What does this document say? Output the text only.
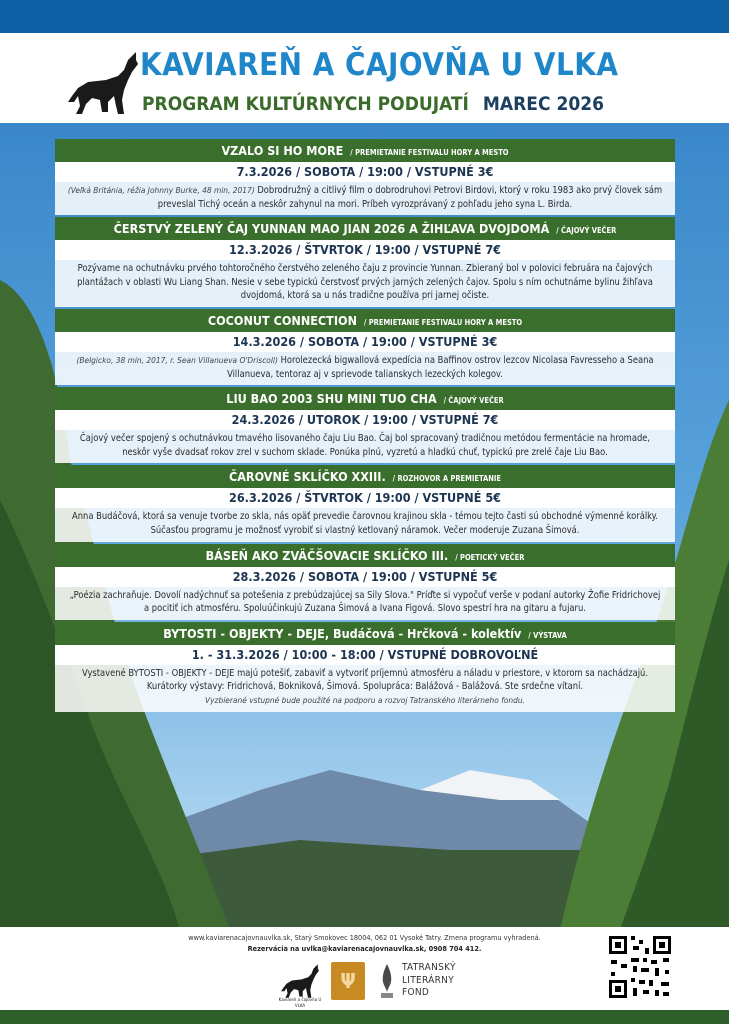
KAVIAREŇ A ČAJOVŇA U VLKA
PROGRAM KULTÚRNYCH PODUJATÍ MAREC 2026
VZALO SI HO MORE / PREMIETANIE FESTIVALU HORY A MESTO
7.3.2026 / SOBOTA / 19:00 / VSTUPNÉ 3€
(Veľká Británia, réžia Johnny Burke, 48 min, 2017) Dobrodružný a citlivý film o dobrodruhovi Petrovi Birdovi, ktorý v roku 1983 ako prvý človek sám preveslal Tichý oceán a neskôr zahynul na mori. Príbeh vyrozprávaný z pohľadu jeho syna L. Birda.
ČERSTVÝ ZELENÝ ČAJ YUNNAN MAO JIAN 2026 A ŽIHĽAVA DVOJDOMÁ / ČAJOVÝ VEČER
12.3.2026 / ŠTVRTOK / 19:00 / VSTUPNÉ 7€
Pozývame na ochutnávku prvého tohtoročného čerstvého zeleného čaju z provincie Yunnan. Zbieraný bol v polovici februára na čajových plantážach v oblasti Wu Liang Shan. Nesie v sebe typickú čerstvosť prvých jarných zelených čajov. Spolu s ním ochutnáme bylinu žihľava dvojdomá, ktorá sa u nás tradične používa pri jarnej očiste.
COCONUT CONNECTION / PREMIETANIE FESTIVALU HORY A MESTO
14.3.2026 / SOBOTA / 19:00 / VSTUPNÉ 3€
(Belgicko, 38 min, 2017, r. Sean Villanueva O'Driscoll) Horolezecká bigwallová expedícia na Baffinov ostrov lezcov Nicolasa Favresseho a Seana Villanueva, tentoraz aj v sprievode talianskych lezeckých kolegov.
LIU BAO 2003 SHU MINI TUO CHA / ČAJOVÝ VEČER
24.3.2026 / UTOROK / 19:00 / VSTUPNÉ 7€
Čajový večer spojený s ochutnávkou tmavého lisovaného čaju Liu Bao. Čaj bol spracovaný tradičnou metódou fermentácie na hromade, neskôr vyše dvadsať rokov zrel v suchom sklade. Ponúka plnú, vyzretú a hladkú chuť, typickú pre zrelé čaje Liu Bao.
ČAROVNÉ SKLÍČKO XXIII. / ROZHOVOR A PREMIETANIE
26.3.2026 / ŠTVRTOK / 19:00 / VSTUPNÉ 5€
Anna Budáčová, ktorá sa venuje tvorbe zo skla, nás opäť prevedie čarovnou krajinou skla - témou tejto časti sú obchodné výmenné korálky. Súčasťou programu je možnosť vyrobiť si vlastný ketlovaný náramok. Večer moderuje Zuzana Šimová.
BÁSEŇ AKO ZVÄČŠOVACIE SKLÍČKO III. / POETICKÝ VEČER
28.3.2026 / SOBOTA / 19:00 / VSTUPNÉ 5€
„Poézia zachraňuje. Dovolí nadýchnuť sa potešenia z prebúdzajúcej sa Sily Slova." Príďte si vypočuť verše v podaní autorky Žofie Fridrichovej a pocitiť ich atmosféru. Spoluúčinkujú Zuzana Šimová a Ivana Figová. Slovo spestrí hra na gitaru a fujaru.
BYTOSTI - OBJEKTY - DEJE, Budáčová - Hrčková - kolektív / VÝSTAVA
1. - 31.3.2026 / 10:00 - 18:00 / VSTUPNÉ DOBROVOĽNÉ
Vystavené BYTOSTI - OBJEKTY - DEJE majú potešiť, zabaviť a vytvoriť príjemnú atmosféru a náladu v priestore, v ktorom sa nachádzajú. Kurátorky výstavy: Fridrichová, Bokniková, Šimová. Spolupráca: Balážová - Balážová. Ste srdečne vítaní.
Vyzbierané vstupné bude použité na podporu a rozvoj Tatranského literárneho fondu.
www.kaviarenacajovnauvlka.sk, Starý Smokovec 18004, 062 01 Vysoké Tatry. Zmena programu vyhradená.
Rezervácia na uvlka@kaviarenacajovnauvlka.sk, 0908 704 412.
Kaviareň a čajovňa U VLKA
Ψ
TATRANSKÝ LITERÁRNY FOND
